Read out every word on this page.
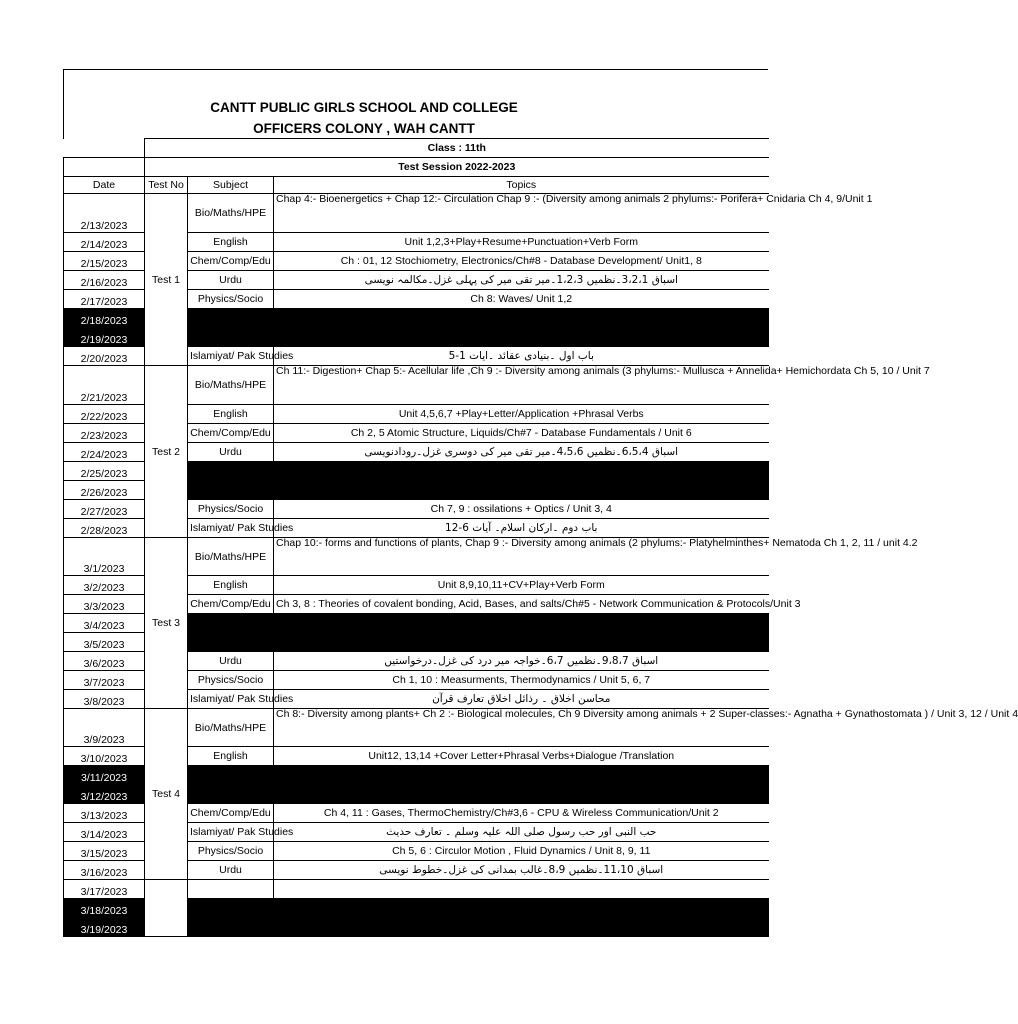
CANTT PUBLIC GIRLS SCHOOL AND COLLEGE
OFFICERS COLONY , WAH CANTT
	Class : 11th		
	Test Session 2022-2023		
Date	Test No	Subject	Topics
2/13/2023	Test 1	Bio/Maths/HPE	Chap 4:- Bioenergetics + Chap 12:- Circulation Chap 9 :- (Diversity among animals 2 phylums:- Porifera+ Cnidaria Ch 4, 9/Unit 1
2/14/2023		English	Unit 1,2,3+Play+Resume+Punctuation+Verb Form
2/15/2023		Chem/Comp/Edu	Ch : 01, 12 Stochiometry, Electronics/Ch#8 - Database Development/ Unit1, 8
2/16/2023		Urdu	اسباق 3،2،1۔نظمیں 1،2،3۔میر تقی میر کی پہلی غزل۔مکالمہ نویسی
2/17/2023		Physics/Socio	Ch 8: Waves/ Unit 1,2
2/18/2023			
2/19/2023			
2/20/2023		Islamiyat/ Pak Studies	باب اول ۔بنیادی عقائد ۔ایات 1-5
2/21/2023	Test 2	Bio/Maths/HPE	Ch 11:- Digestion+ Chap 5:- Acellular life ,Ch 9 :- Diversity among animals (3 phylums:- Mullusca + Annelida+ Hemichordata Ch 5, 10 / Unit 7
2/22/2023		English	Unit 4,5,6,7 +Play+Letter/Application +Phrasal Verbs
2/23/2023		Chem/Comp/Edu	Ch 2, 5 Atomic Structure, Liquids/Ch#7 - Database Fundamentals / Unit 6
2/24/2023		Urdu	اسباق 6،5،4۔نظمیں 4،5،6۔میر تقی میر کی دوسری غزل۔رودادنویسی
2/25/2023			
2/26/2023			
2/27/2023		Physics/Socio	Ch 7, 9 : ossilations + Optics / Unit 3, 4
2/28/2023		Islamiyat/ Pak Studies	باب دوم ۔ارکان اسلام۔ آیات 6-12
3/1/2023	Test 3	Bio/Maths/HPE	Chap 10:- forms and functions of plants, Chap 9 :- Diversity among animals (2 phylums:- Platyhelminthes+ Nematoda Ch 1, 2, 11 / unit 4.2
3/2/2023		English	Unit 8,9,10,11+CV+Play+Verb Form
3/3/2023		Chem/Comp/Edu	Ch 3, 8 : Theories of covalent bonding, Acid, Bases, and salts/Ch#5 - Network Communication & Protocols/Unit 3
3/4/2023			
3/5/2023			
3/6/2023		Urdu	اسباق 9،8،7۔نظمیں 6،7۔خواجہ میر درد کی غزل۔درخواستیں
3/7/2023		Physics/Socio	Ch 1, 10 : Measurments, Thermodynamics / Unit 5, 6, 7
3/8/2023		Islamiyat/ Pak Studies	محاسن اخلاق ۔ رذائل اخلاق تعارف قرآن
3/9/2023	Test 4	Bio/Maths/HPE	Ch 8:- Diversity among plants+ Ch 2 :- Biological molecules, Ch 9 Diversity among animals + 2 Super-classes:- Agnatha + Gynathostomata ) / Unit 3, 12 / Unit 4
3/10/2023		English	Unit12, 13,14 +Cover Letter+Phrasal Verbs+Dialogue /Translation
3/11/2023			
3/12/2023			
3/13/2023		Chem/Comp/Edu	Ch 4, 11 : Gases, ThermoChemistry/Ch#3,6 - CPU & Wireless Communication/Unit 2
3/14/2023		Islamiyat/ Pak Studies	حب النبی اور حب رسول صلی اللہ علیہ وسلم ۔ تعارف حدیث
3/15/2023		Physics/Socio	Ch 5, 6 : Circulor Motion , Fluid Dynamics / Unit 8, 9, 11
3/16/2023		Urdu	اسباق 11،10۔نظمیں 8،9۔غالب بمدانی کی غزل۔خطوط نویسی
3/17/2023			
3/18/2023			
3/19/2023			
